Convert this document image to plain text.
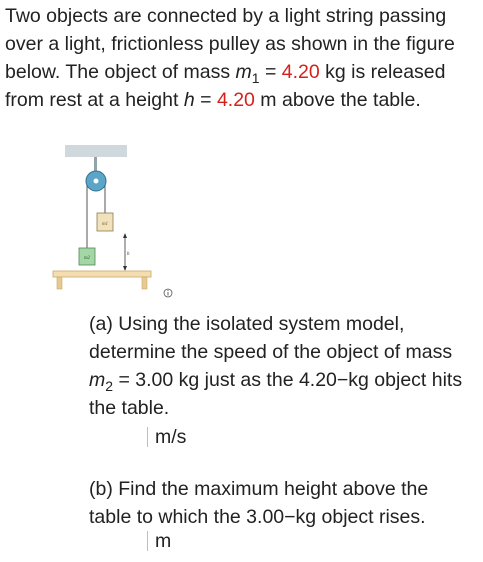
Two objects are connected by a light string passing over a light, frictionless pulley as shown in the figure below. The object of mass $m_1 = 4.20$ kg is released from rest at a height h = 4.20 m above the table.

m1
m2
h

(a) Using the isolated system model, determine the speed of the object of mass $m_2 = 3.00$ kg just as the 4.20−kg object hits the table.

m/s

(b) Find the maximum height above the table to which the 3.00−kg object rises.

m
